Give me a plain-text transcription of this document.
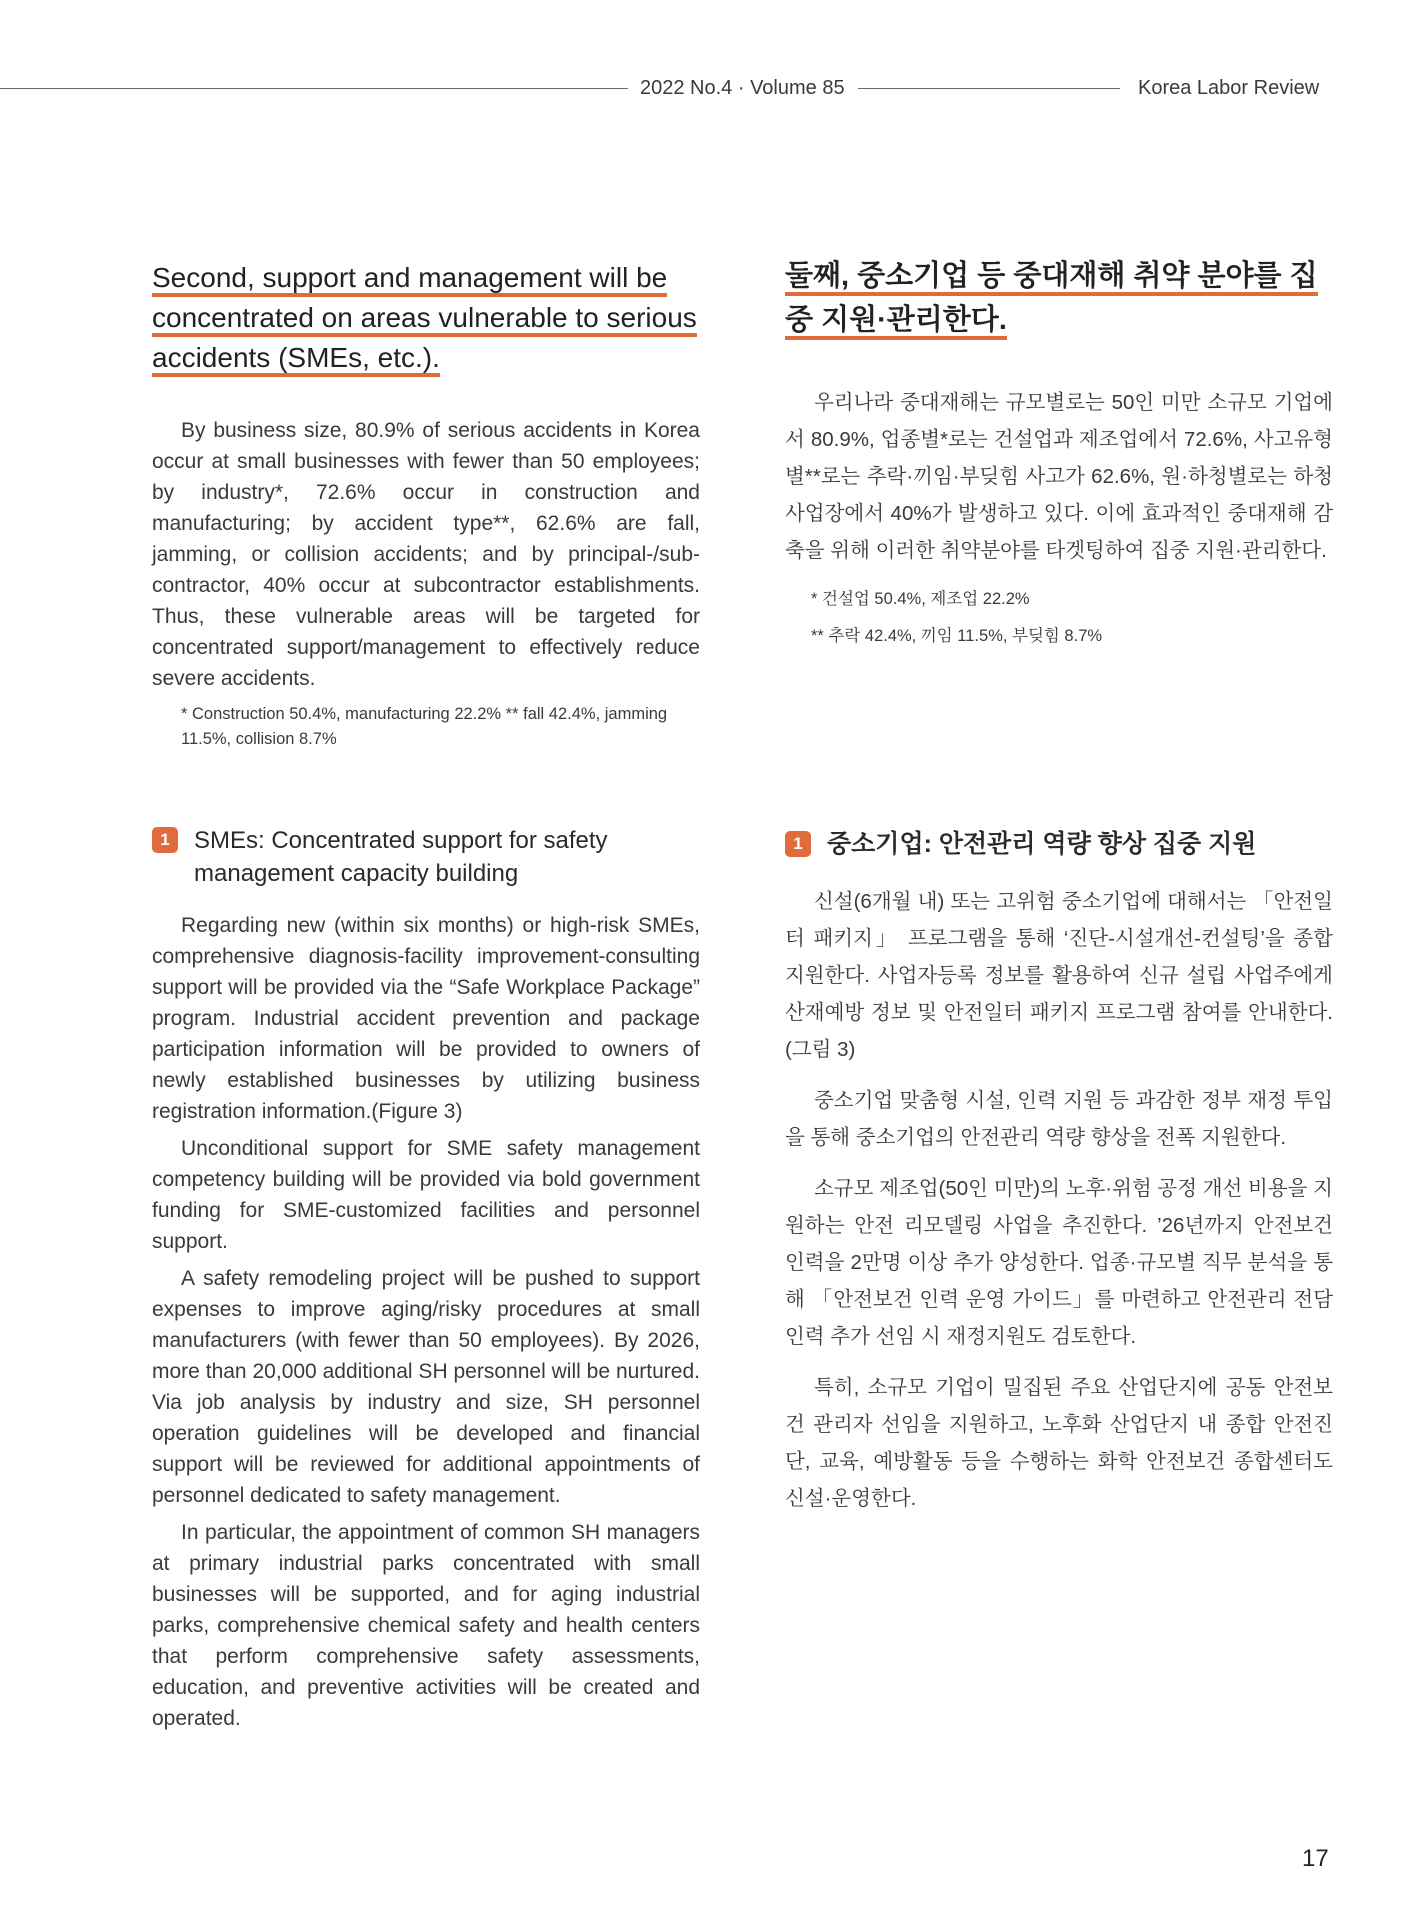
2022 No.4 · Volume 85	Korea Labor Review
Second, support and management will be concentrated on areas vulnerable to serious accidents (SMEs, etc.).

By business size, 80.9% of serious accidents in Korea occur at small businesses with fewer than 50 employees; by industry*, 72.6% occur in construction and manufacturing; by accident type**, 62.6% are fall, jamming, or collision accidents; and by principal-/sub-contractor, 40% occur at subcontractor establishments. Thus, these vulnerable areas will be targeted for concentrated support/management to effectively reduce severe accidents.

* Construction 50.4%, manufacturing 22.2% ** fall 42.4%, jamming 11.5%, collision 8.7%

1	SMEs: Concentrated support for safety management capacity building

Regarding new (within six months) or high-risk SMEs, comprehensive diagnosis-facility improvement-consulting support will be provided via the “Safe Workplace Package” program. Industrial accident prevention and package participation information will be provided to owners of newly established businesses by utilizing business registration information.(Figure 3)

Unconditional support for SME safety management competency building will be provided via bold government funding for SME-customized facilities and personnel support.

A safety remodeling project will be pushed to support expenses to improve aging/risky procedures at small manufacturers (with fewer than 50 employees). By 2026, more than 20,000 additional SH personnel will be nurtured. Via job analysis by industry and size, SH personnel operation guidelines will be developed and financial support will be reviewed for additional appointments of personnel dedicated to safety management.

In particular, the appointment of common SH managers at primary industrial parks concentrated with small businesses will be supported, and for aging industrial parks, comprehensive chemical safety and health centers that perform comprehensive safety assessments, education, and preventive activities will be created and operated.

둘째, 중소기업 등 중대재해 취약 분야를 집중 지원·관리한다.

우리나라 중대재해는 규모별로는 50인 미만 소규모 기업에서 80.9%, 업종별*로는 건설업과 제조업에서 72.6%, 사고유형별**로는 추락·끼임·부딪힘 사고가 62.6%, 원·하청별로는 하청 사업장에서 40%가 발생하고 있다. 이에 효과적인 중대재해 감축을 위해 이러한 취약분야를 타겟팅하여 집중 지원·관리한다.

* 건설업 50.4%, 제조업 22.2%

** 추락 42.4%, 끼임 11.5%, 부딪힘 8.7%

1 중소기업: 안전관리 역량 향상 집중 지원

신설(6개월 내) 또는 고위험 중소기업에 대해서는 「안전일터 패키지」 프로그램을 통해 ‘진단-시설개선-컨설팅’을 종합 지원한다. 사업자등록 정보를 활용하여 신규 설립 사업주에게 산재예방 정보 및 안전일터 패키지 프로그램 참여를 안내한다.(그림 3)

중소기업 맞춤형 시설, 인력 지원 등 과감한 정부 재정 투입을 통해 중소기업의 안전관리 역량 향상을 전폭 지원한다.

소규모 제조업(50인 미만)의 노후·위험 공정 개선 비용을 지원하는 안전 리모델링 사업을 추진한다. ’26년까지 안전보건 인력을 2만명 이상 추가 양성한다. 업종·규모별 직무 분석을 통해 「안전보건 인력 운영 가이드」를 마련하고 안전관리 전담인력 추가 선임 시 재정지원도 검토한다.

특히, 소규모 기업이 밀집된 주요 산업단지에 공동 안전보건 관리자 선임을 지원하고, 노후화 산업단지 내 종합 안전진단, 교육, 예방활동 등을 수행하는 화학 안전보건 종합센터도 신설·운영한다.

17
